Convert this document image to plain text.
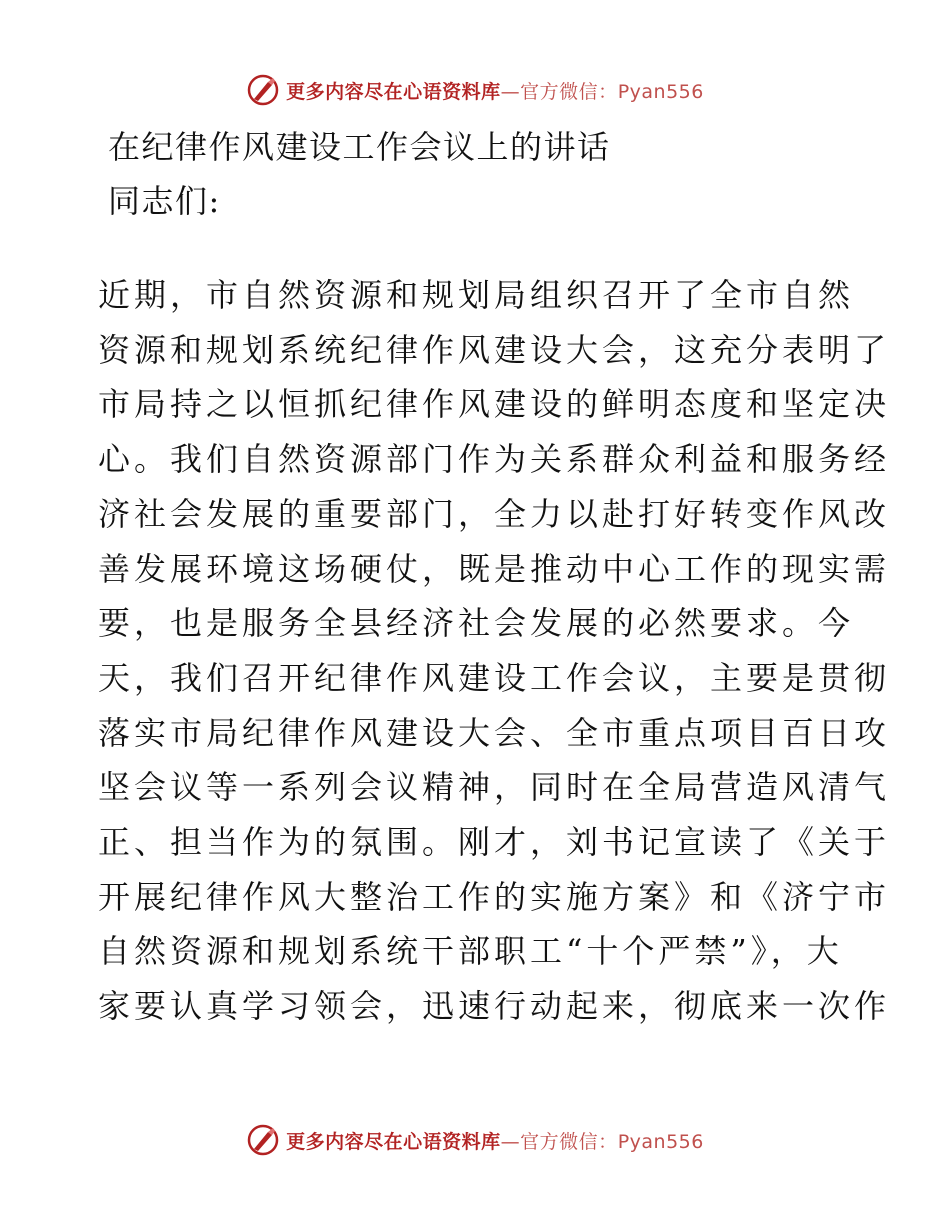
更多内容尽在心语资料库—官方微信：Pyan556
在纪律作风建设工作会议上的讲话

同志们:

近期，市自然资源和规划局组织召开了全市自然
资源和规划系统纪律作风建设大会，这充分表明了
市局持之以恒抓纪律作风建设的鲜明态度和坚定决
心。我们自然资源部门作为关系群众利益和服务经
济社会发展的重要部门，全力以赴打好转变作风改
善发展环境这场硬仗，既是推动中心工作的现实需
要，也是服务全县经济社会发展的必然要求。今
天，我们召开纪律作风建设工作会议，主要是贯彻
落实市局纪律作风建设大会、全市重点项目百日攻
坚会议等一系列会议精神，同时在全局营造风清气
正、担当作为的氛围。刚才，刘书记宣读了《关于
开展纪律作风大整治工作的实施方案》和《济宁市
自然资源和规划系统干部职工“十个严禁”》，大
家要认真学习领会，迅速行动起来，彻底来一次作
更多内容尽在心语资料库—官方微信：Pyan556
